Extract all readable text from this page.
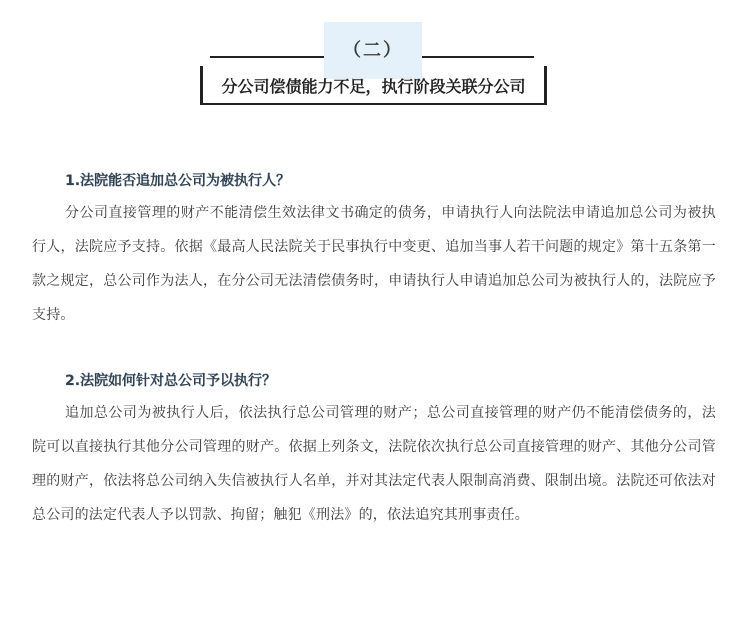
（二）
分公司偿债能力不足，执行阶段关联分公司
1.法院能否追加总公司为被执行人？

分公司直接管理的财产不能清偿生效法律文书确定的债务，申请执行人向法院法申请追加总公司为被执行人，法院应予支持。依据《最高人民法院关于民事执行中变更、追加当事人若干问题的规定》第十五条第一款之规定，总公司作为法人，在分公司无法清偿债务时，申请执行人申请追加总公司为被执行人的，法院应予支持。

2.法院如何针对总公司予以执行？

追加总公司为被执行人后，依法执行总公司管理的财产；总公司直接管理的财产仍不能清偿债务的，法院可以直接执行其他分公司管理的财产。依据上列条文，法院依次执行总公司直接管理的财产、其他分公司管理的财产，依法将总公司纳入失信被执行人名单，并对其法定代表人限制高消费、限制出境。法院还可依法对总公司的法定代表人予以罚款、拘留；触犯《刑法》的，依法追究其刑事责任。
